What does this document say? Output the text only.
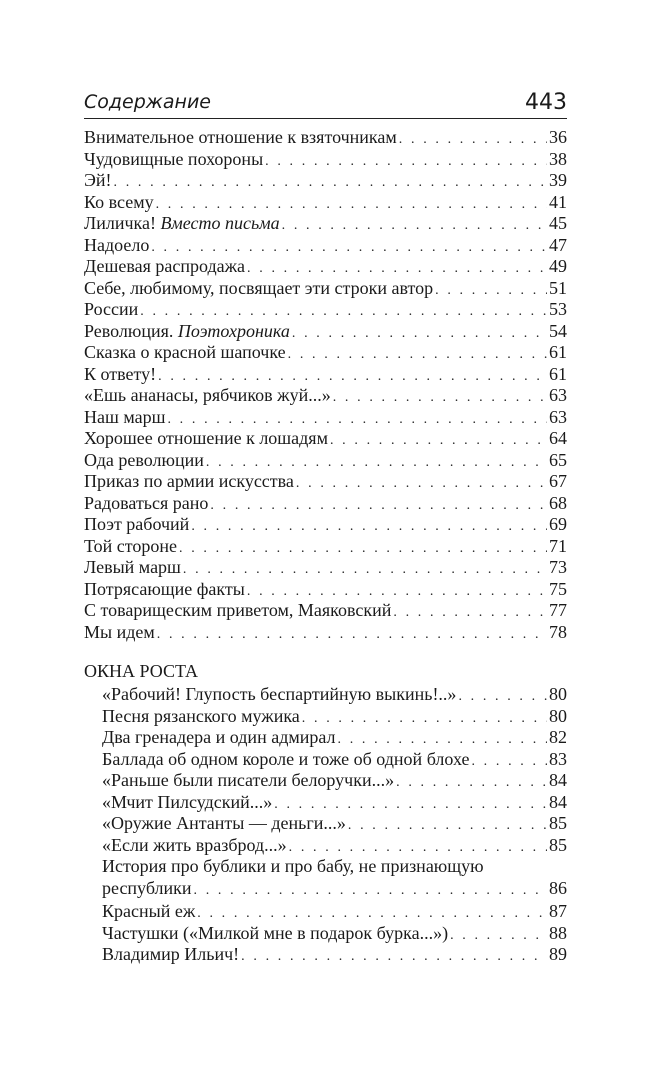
Содержание	443
Внимательное отношение к взяточникам . . .	36
Чудовищные похороны . . .	38
Эй! . . .	39
Ко всему . . .	41
Лиличка! Вместо письма . . .	45
Надоело . . .	47
Дешевая распродажа . . .	49
Себе, любимому, посвящает эти строки автор . . .	51
России . . .	53
Революция. Поэтохроника . . .	54
Сказка о красной шапочке . . .	61
К ответу! . . .	61
«Ешь ананасы, рябчиков жуй...» . . .	63
Наш марш . . .	63
Хорошее отношение к лошадям . . .	64
Ода революции . . .	65
Приказ по армии искусства . . .	67
Радоваться рано . . .	68
Поэт рабочий . . .	69
Той стороне . . .	71
Левый марш . . .	73
Потрясающие факты . . .	75
С товарищеским приветом, Маяковский . . .	77
Мы идем . . .	78
ОКНА РОСТА
«Рабочий! Глупость беспартийную выкинь!..» . . .	80
Песня рязанского мужика . . .	80
Два гренадера и один адмирал . . .	82
Баллада об одном короле и тоже об одной блохе . . .	83
«Раньше были писатели белоручки...» . . .	84
«Мчит Пилсудский...» . . .	84
«Оружие Антанты — деньги...» . . .	85
«Если жить вразброд...» . . .	85
История про бублики и про бабу, не признающую
республики . . .	86
Красный еж . . .	87
Частушки («Милкой мне в подарок бурка...») . . .	88
Владимир Ильич! . . .	89
